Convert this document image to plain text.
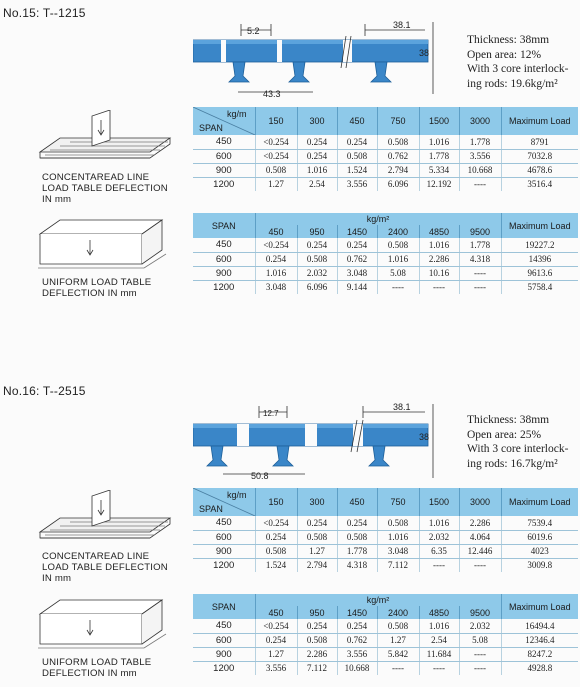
No.15: T--1215
5.2
38.1
38
43.3
Thickness: 38mm
Open area: 12%
With 3 core interlock-
ing rods: 19.6kg/m²
CONCENTAREAD LINE
LOAD TABLE DEFLECTION
IN mm
kg/m
SPAN	150	300	450	750	1500	3000	Maximum Load
450	<0.254	0.254	0.254	0.508	1.016	1.778	8791
600	<0.254	0.254	0.508	0.762	1.778	3.556	7032.8
900	0.508	1.016	1.524	2.794	5.334	10.668	4678.6
1200	1.27	2.54	3.556	6.096	12.192	----	3516.4
UNIFORM LOAD TABLE
DEFLECTION IN mm
SPAN	kg/m²						Maximum Load
	450	950	1450	2400	4850	9500	
450	<0.254	0.254	0.254	0.508	1.016	1.778	19227.2
600	0.254	0.508	0.762	1.016	2.286	4.318	14396
900	1.016	2.032	3.048	5.08	10.16	----	9613.6
1200	3.048	6.096	9.144	----	----	----	5758.4
No.16: T--2515
12.7
38.1
38
50.8
Thickness: 38mm
Open area: 25%
With 3 core interlock-
ing rods: 16.7kg/m²
CONCENTAREAD LINE
LOAD TABLE DEFLECTION
IN mm
kg/m
SPAN	150	300	450	750	1500	3000	Maximum Load
450	<0.254	0.254	0.254	0.508	1.016	2.286	7539.4
600	0.254	0.508	0.508	1.016	2.032	4.064	6019.6
900	0.508	1.27	1.778	3.048	6.35	12.446	4023
1200	1.524	2.794	4.318	7.112	----	----	3009.8
UNIFORM LOAD TABLE
DEFLECTION IN mm
SPAN	kg/m²						Maximum Load
	450	950	1450	2400	4850	9500	
450	<0.254	0.254	0.254	0.508	1.016	2.032	16494.4
600	0.254	0.508	0.762	1.27	2.54	5.08	12346.4
900	1.27	2.286	3.556	5.842	11.684	----	8247.2
1200	3.556	7.112	10.668	----	----	----	4928.8
